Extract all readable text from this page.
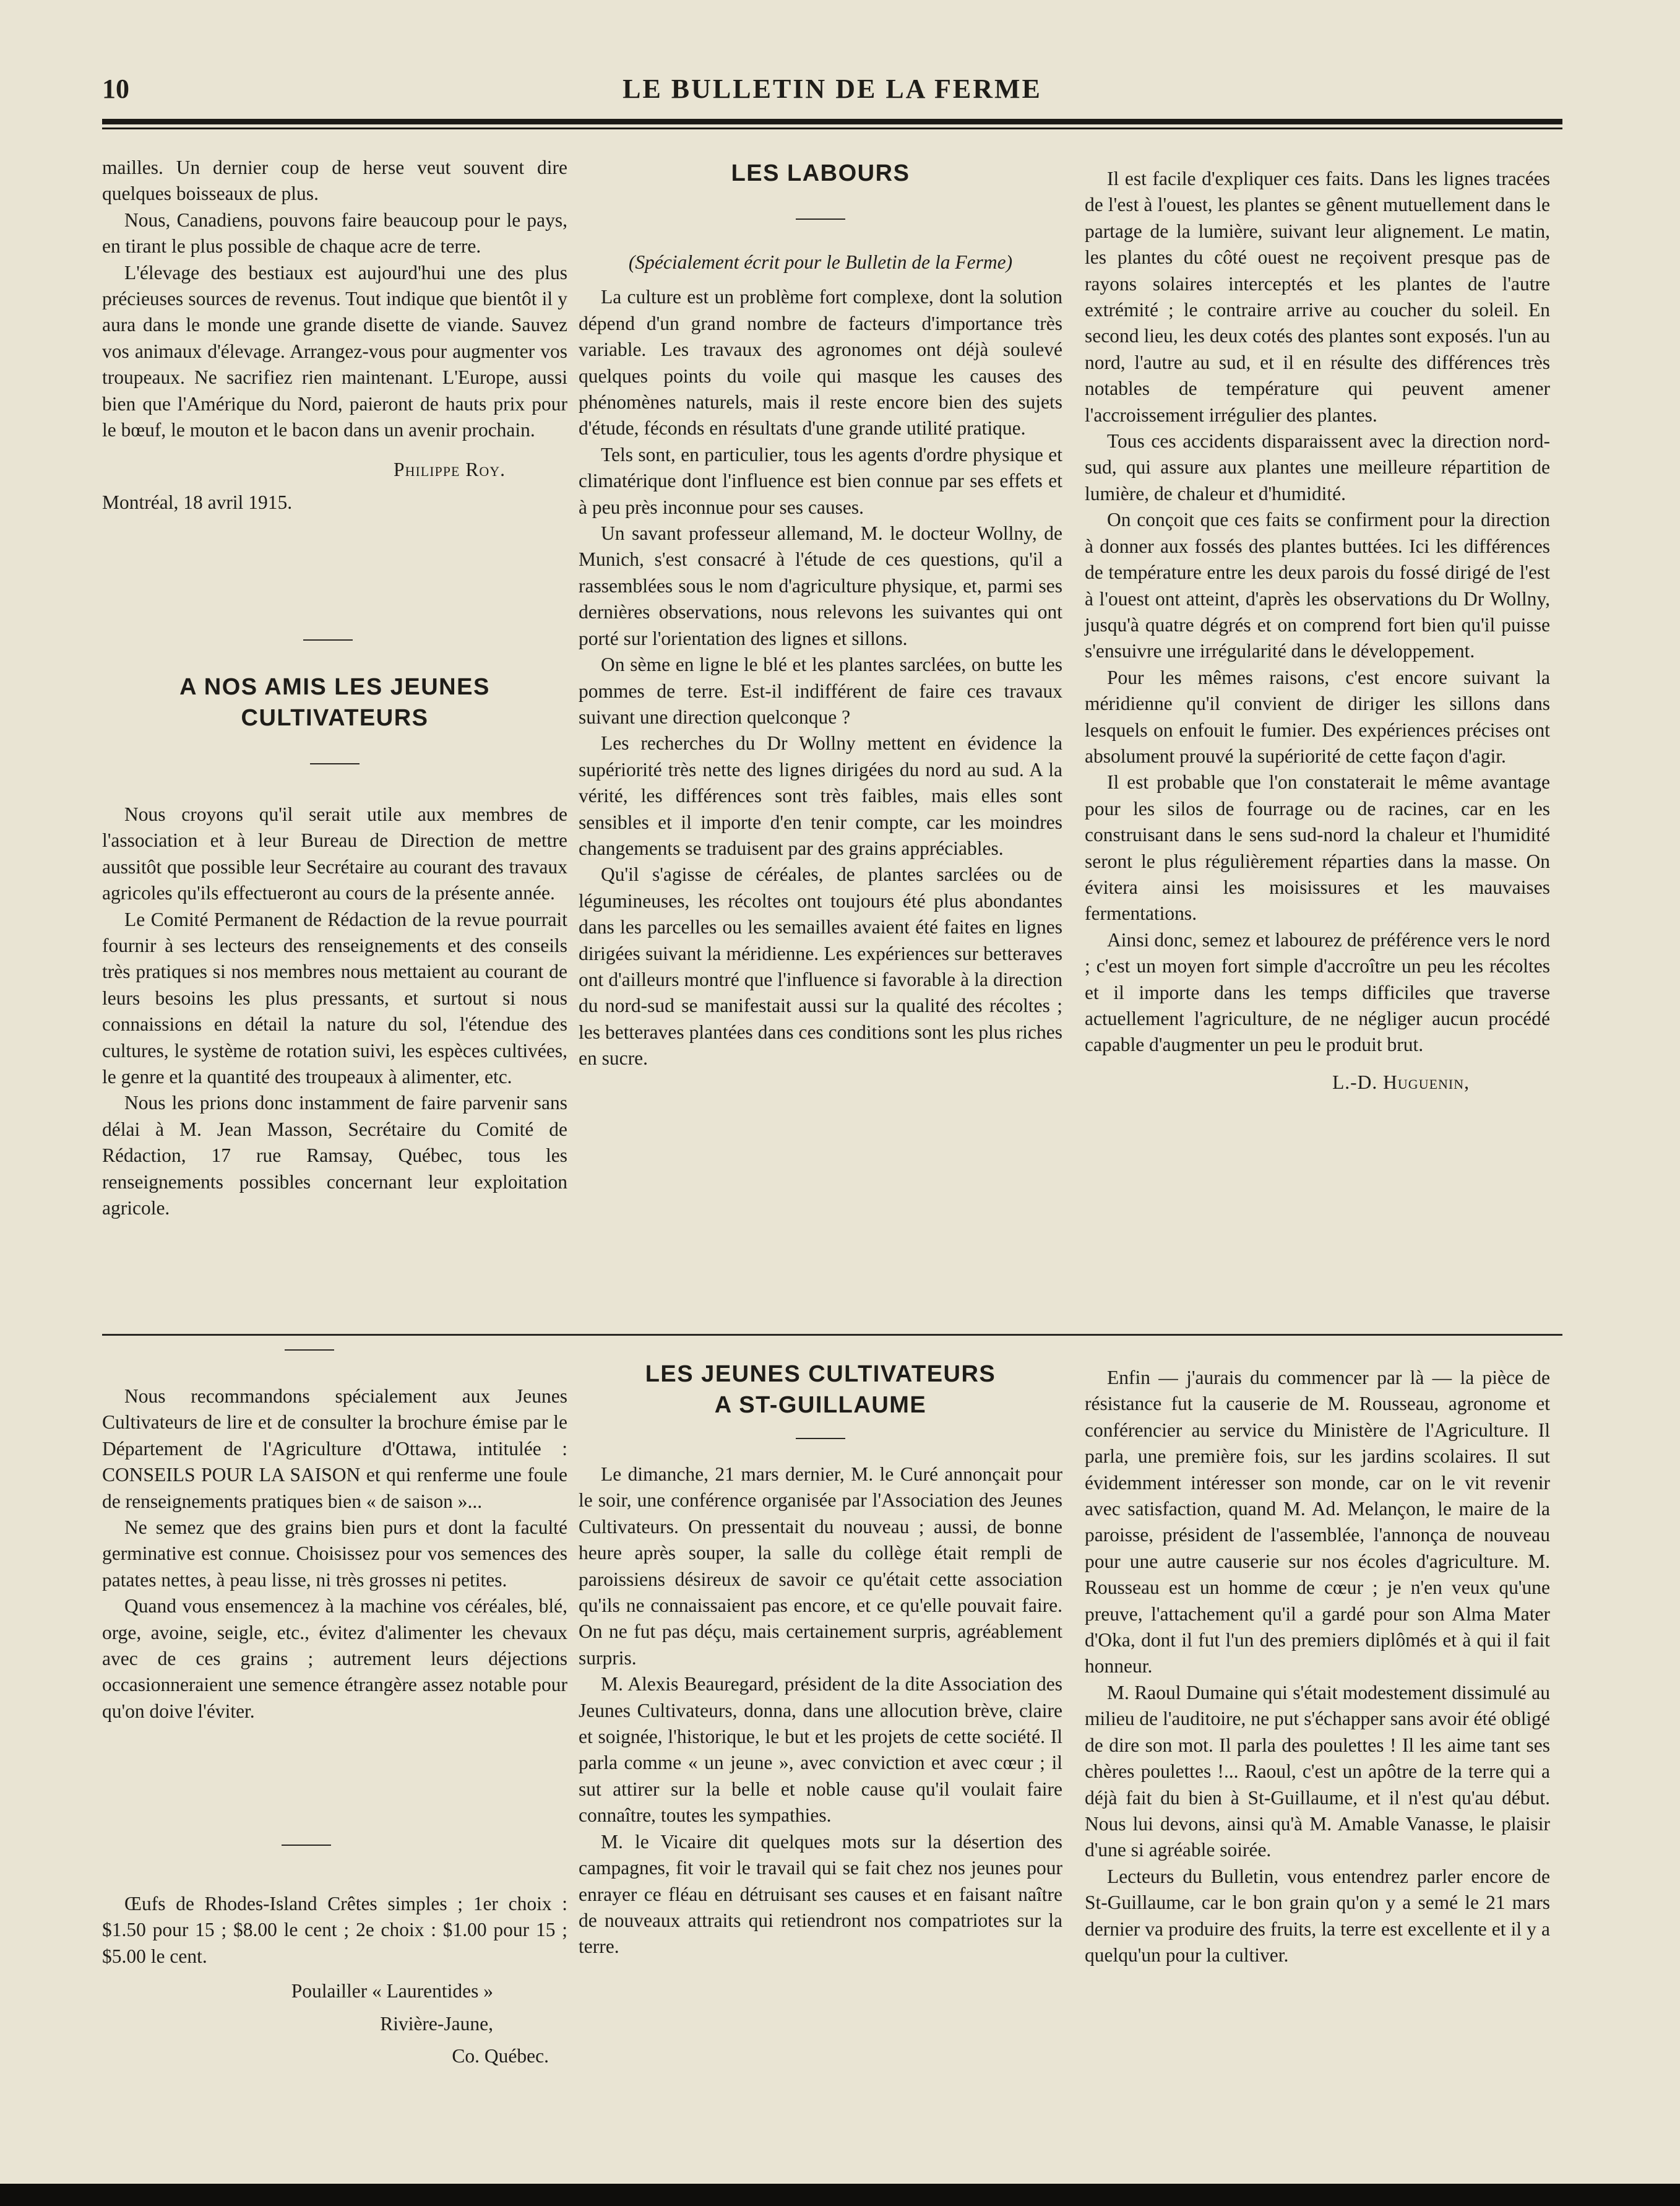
10	LE BULLETIN DE LA FERME

mailles. Un dernier coup de herse veut souvent dire quelques boisseaux de plus.

Nous, Canadiens, pouvons faire beaucoup pour le pays, en tirant le plus possible de chaque acre de terre.

L'élevage des bestiaux est aujourd'hui une des plus précieuses sources de revenus. Tout indique que bientôt il y aura dans le monde une grande disette de viande. Sauvez vos animaux d'élevage. Arrangez-vous pour augmenter vos troupeaux. Ne sacrifiez rien maintenant. L'Europe, aussi bien que l'Amérique du Nord, paieront de hauts prix pour le bœuf, le mouton et le bacon dans un avenir prochain.

Philippe Roy.

Montréal, 18 avril 1915.

A NOS AMIS LES JEUNES CULTIVATEURS

Nous croyons qu'il serait utile aux membres de l'association et à leur Bureau de Direction de mettre aussitôt que possible leur Secrétaire au courant des travaux agricoles qu'ils effectueront au cours de la présente année.

Le Comité Permanent de Rédaction de la revue pourrait fournir à ses lecteurs des renseignements et des conseils très pratiques si nos membres nous mettaient au courant de leurs besoins les plus pressants, et surtout si nous connaissions en détail la nature du sol, l'étendue des cultures, le système de rotation suivi, les espèces cultivées, le genre et la quantité des troupeaux à alimenter, etc.

Nous les prions donc instamment de faire parvenir sans délai à M. Jean Masson, Secrétaire du Comité de Rédaction, 17 rue Ramsay, Québec, tous les renseignements possibles concernant leur exploitation agricole.

Nous recommandons spécialement aux Jeunes Cultivateurs de lire et de consulter la brochure émise par le Département de l'Agriculture d'Ottawa, intitulée : CONSEILS POUR LA SAISON et qui renferme une foule de renseignements pratiques bien « de saison »...

Ne semez que des grains bien purs et dont la faculté germinative est connue. Choisissez pour vos semences des patates nettes, à peau lisse, ni très grosses ni petites.

Quand vous ensemencez à la machine vos céréales, blé, orge, avoine, seigle, etc., évitez d'alimenter les chevaux avec de ces grains ; autrement leurs déjections occasionneraient une semence étrangère assez notable pour qu'on doive l'éviter.

Œufs de Rhodes-Island Crêtes simples ; 1er choix : $1.50 pour 15 ; $8.00 le cent ; 2e choix : $1.00 pour 15 ; $5.00 le cent.

Poulailler « Laurentides »

Rivière-Jaune,

Co. Québec.

LES LABOURS

(Spécialement écrit pour le Bulletin de la Ferme)

La culture est un problème fort complexe, dont la solution dépend d'un grand nombre de facteurs d'importance très variable. Les travaux des agronomes ont déjà soulevé quelques points du voile qui masque les causes des phénomènes naturels, mais il reste encore bien des sujets d'étude, féconds en résultats d'une grande utilité pratique.

Tels sont, en particulier, tous les agents d'ordre physique et climatérique dont l'influence est bien connue par ses effets et à peu près inconnue pour ses causes.

Un savant professeur allemand, M. le docteur Wollny, de Munich, s'est consacré à l'étude de ces questions, qu'il a rassemblées sous le nom d'agriculture physique, et, parmi ses dernières observations, nous relevons les suivantes qui ont porté sur l'orientation des lignes et sillons.

On sème en ligne le blé et les plantes sarclées, on butte les pommes de terre. Est-il indifférent de faire ces travaux suivant une direction quelconque ?

Les recherches du Dr Wollny mettent en évidence la supériorité très nette des lignes dirigées du nord au sud. A la vérité, les différences sont très faibles, mais elles sont sensibles et il importe d'en tenir compte, car les moindres changements se traduisent par des grains appréciables.

Qu'il s'agisse de céréales, de plantes sarclées ou de légumineuses, les récoltes ont toujours été plus abondantes dans les parcelles ou les semailles avaient été faites en lignes dirigées suivant la méridienne. Les expériences sur betteraves ont d'ailleurs montré que l'influence si favorable à la direction du nord-sud se manifestait aussi sur la qualité des récoltes ; les betteraves plantées dans ces conditions sont les plus riches en sucre.

Il est facile d'expliquer ces faits. Dans les lignes tracées de l'est à l'ouest, les plantes se gênent mutuellement dans le partage de la lumière, suivant leur alignement. Le matin, les plantes du côté ouest ne reçoivent presque pas de rayons solaires interceptés et les plantes de l'autre extrémité ; le contraire arrive au coucher du soleil. En second lieu, les deux cotés des plantes sont exposés. l'un au nord, l'autre au sud, et il en résulte des différences très notables de température qui peuvent amener l'accroissement irrégulier des plantes.

Tous ces accidents disparaissent avec la direction nord-sud, qui assure aux plantes une meilleure répartition de lumière, de chaleur et d'humidité.

On conçoit que ces faits se confirment pour la direction à donner aux fossés des plantes buttées. Ici les différences de température entre les deux parois du fossé dirigé de l'est à l'ouest ont atteint, d'après les observations du Dr Wollny, jusqu'à quatre dégrés et on comprend fort bien qu'il puisse s'ensuivre une irrégularité dans le développement.

Pour les mêmes raisons, c'est encore suivant la méridienne qu'il convient de diriger les sillons dans lesquels on enfouit le fumier. Des expériences précises ont absolument prouvé la supériorité de cette façon d'agir.

Il est probable que l'on constaterait le même avantage pour les silos de fourrage ou de racines, car en les construisant dans le sens sud-nord la chaleur et l'humidité seront le plus régulièrement réparties dans la masse. On évitera ainsi les moisissures et les mauvaises fermentations.

Ainsi donc, semez et labourez de préférence vers le nord ; c'est un moyen fort simple d'accroître un peu les récoltes et il importe dans les temps difficiles que traverse actuellement l'agriculture, de ne négliger aucun procédé capable d'augmenter un peu le produit brut.

L.-D. Huguenin,

LES JEUNES CULTIVATEURS
A ST-GUILLAUME

Le dimanche, 21 mars dernier, M. le Curé annonçait pour le soir, une conférence organisée par l'Association des Jeunes Cultivateurs. On pressentait du nouveau ; aussi, de bonne heure après souper, la salle du collège était rempli de paroissiens désireux de savoir ce qu'était cette association qu'ils ne connaissaient pas encore, et ce qu'elle pouvait faire. On ne fut pas déçu, mais certainement surpris, agréablement surpris.

M. Alexis Beauregard, président de la dite Association des Jeunes Cultivateurs, donna, dans une allocution brève, claire et soignée, l'historique, le but et les projets de cette société. Il parla comme « un jeune », avec conviction et avec cœur ; il sut attirer sur la belle et noble cause qu'il voulait faire connaître, toutes les sympathies.

M. le Vicaire dit quelques mots sur la désertion des campagnes, fit voir le travail qui se fait chez nos jeunes pour enrayer ce fléau en détruisant ses causes et en faisant naître de nouveaux attraits qui retiendront nos compatriotes sur la terre.

Enfin — j'aurais du commencer par là — la pièce de résistance fut la causerie de M. Rousseau, agronome et conférencier au service du Ministère de l'Agriculture. Il parla, une première fois, sur les jardins scolaires. Il sut évidemment intéresser son monde, car on le vit revenir avec satisfaction, quand M. Ad. Melançon, le maire de la paroisse, président de l'assemblée, l'annonça de nouveau pour une autre causerie sur nos écoles d'agriculture. M. Rousseau est un homme de cœur ; je n'en veux qu'une preuve, l'attachement qu'il a gardé pour son Alma Mater d'Oka, dont il fut l'un des premiers diplômés et à qui il fait honneur.

M. Raoul Dumaine qui s'était modestement dissimulé au milieu de l'auditoire, ne put s'échapper sans avoir été obligé de dire son mot. Il parla des poulettes ! Il les aime tant ses chères poulettes !... Raoul, c'est un apôtre de la terre qui a déjà fait du bien à St-Guillaume, et il n'est qu'au début. Nous lui devons, ainsi qu'à M. Amable Vanasse, le plaisir d'une si agréable soirée.

Lecteurs du Bulletin, vous entendrez parler encore de St-Guillaume, car le bon grain qu'on y a semé le 21 mars dernier va produire des fruits, la terre est excellente et il y a quelqu'un pour la cultiver.
